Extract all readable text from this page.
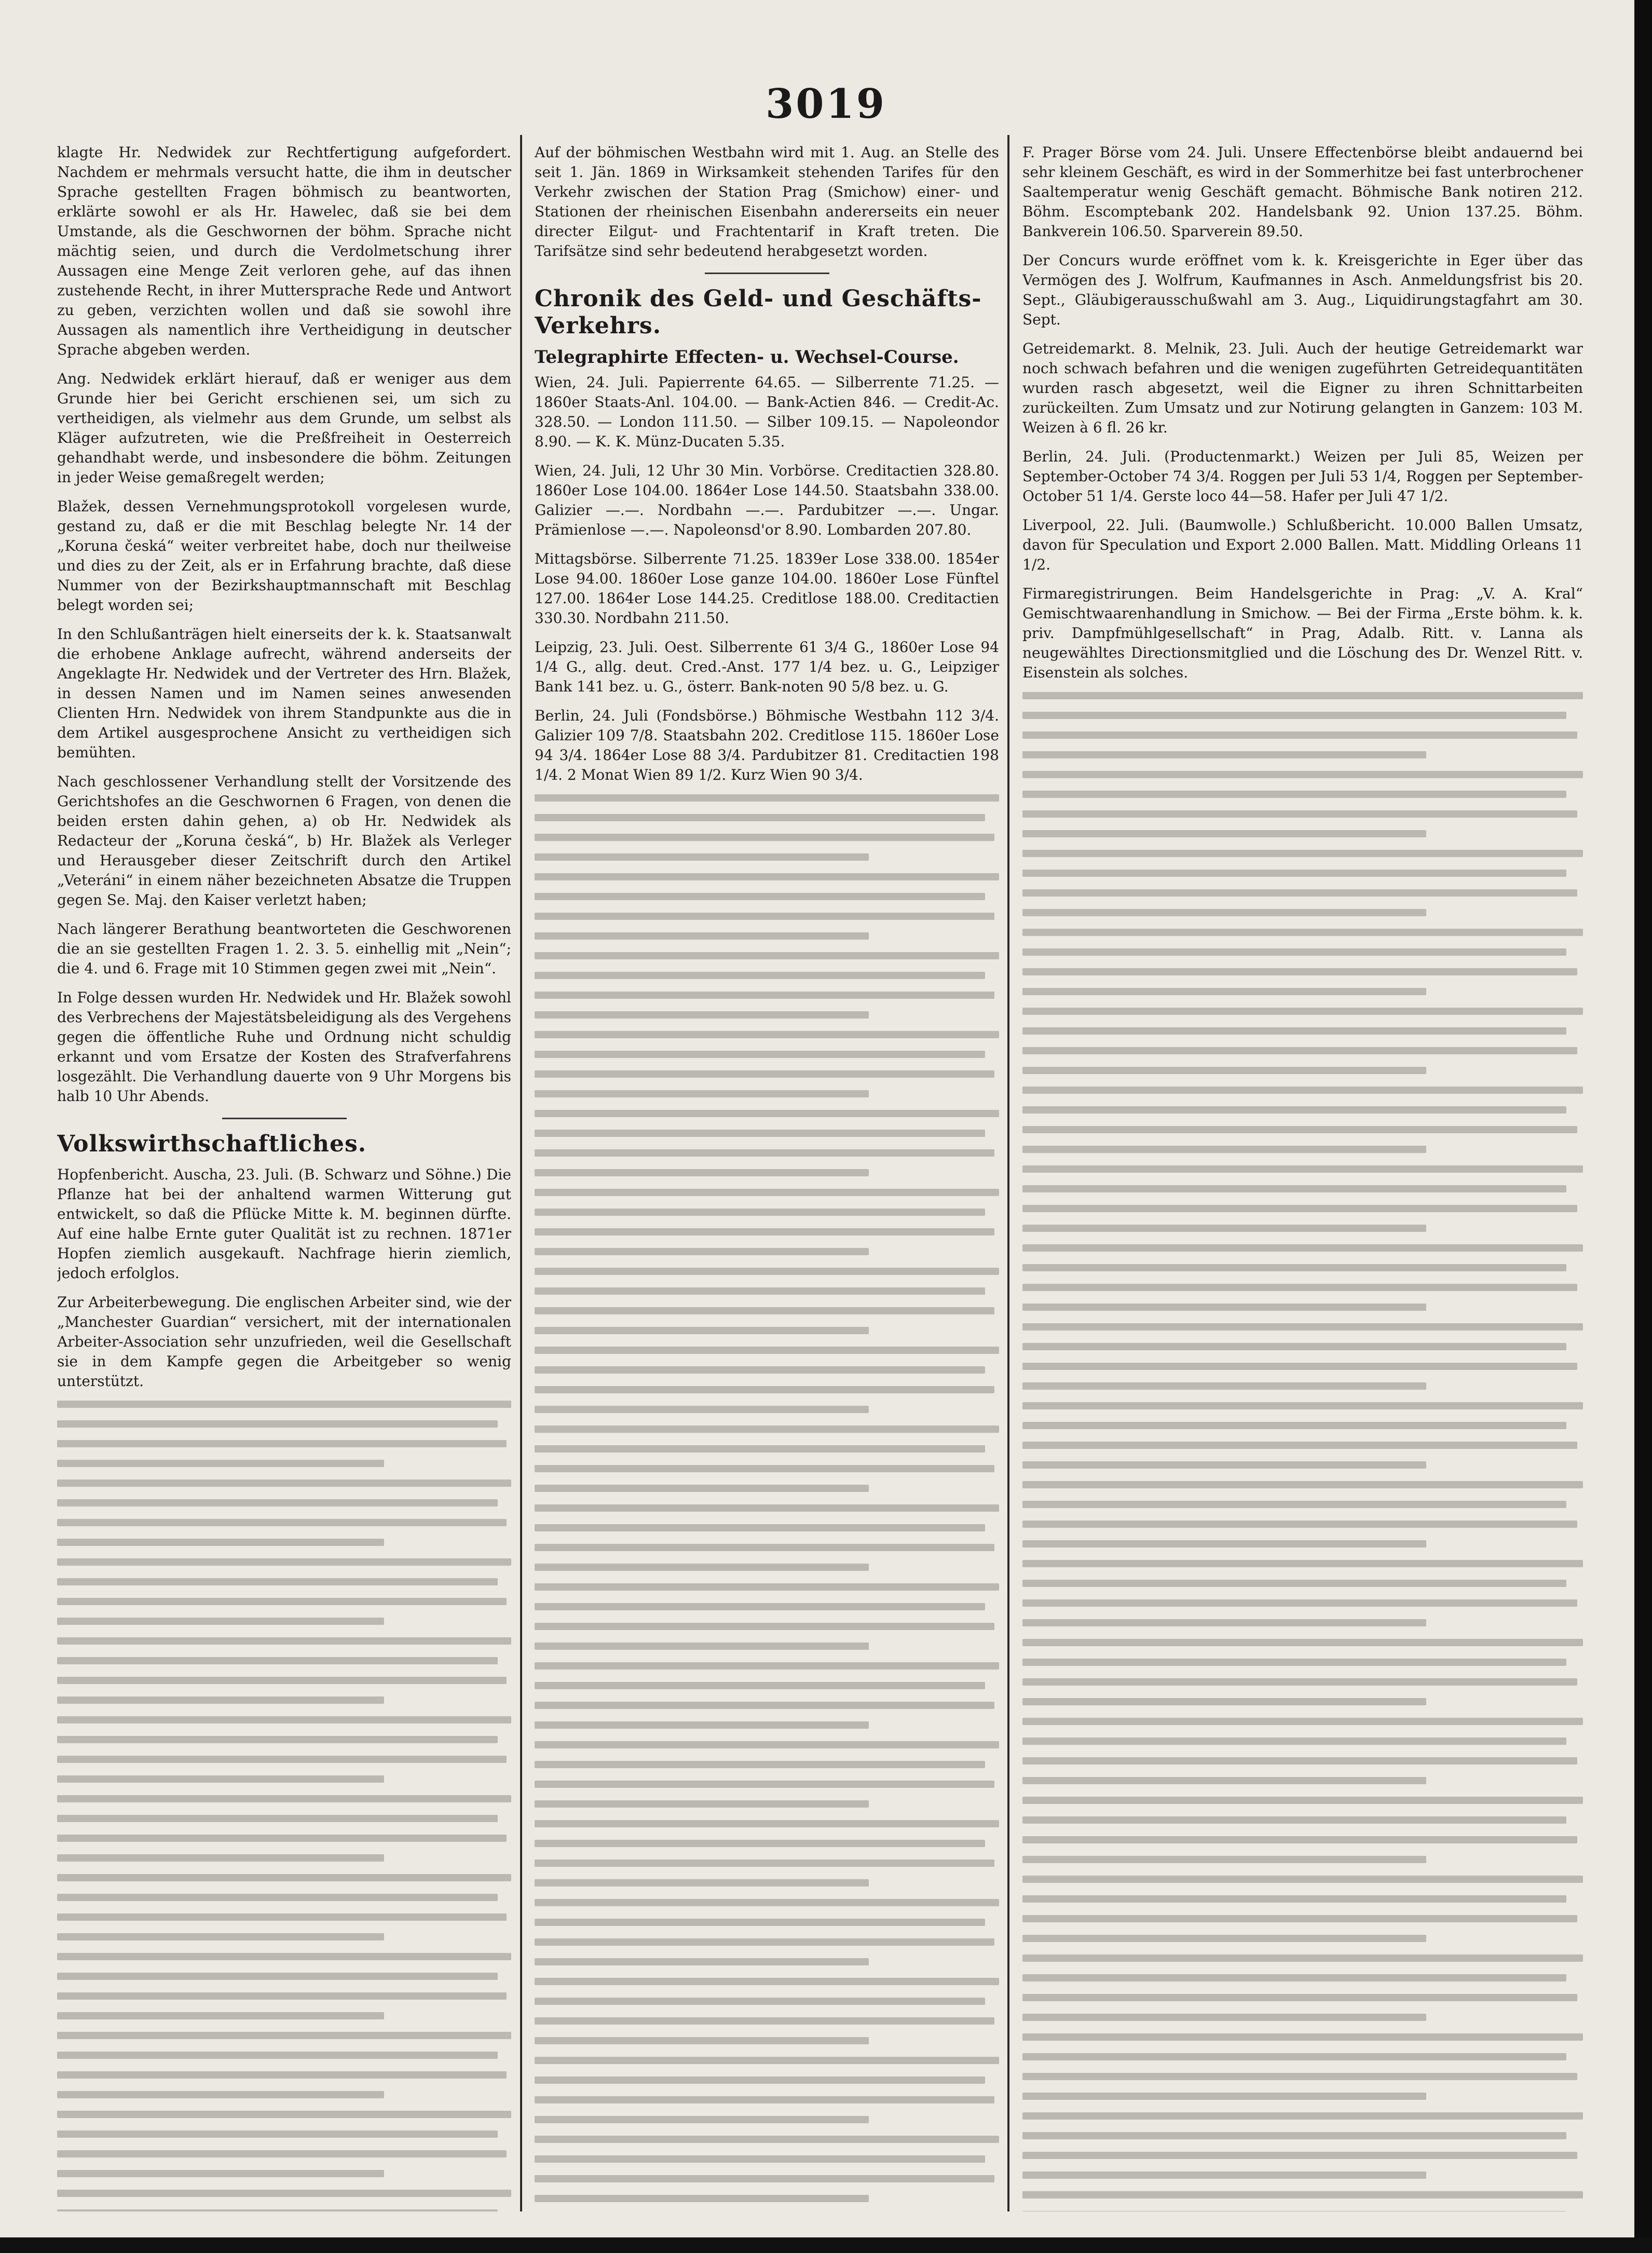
3019

klagte Hr. Nedwidek zur Rechtfertigung aufgefordert. Nachdem er mehrmals versucht hatte, die ihm in deutscher Sprache gestellten Fragen böhmisch zu beantworten, erklärte sowohl er als Hr. Hawelec, daß sie bei dem Umstande, als die Geschwornen der böhm. Sprache nicht mächtig seien, und durch die Verdolmetschung ihrer Aussagen eine Menge Zeit verloren gehe, auf das ihnen zustehende Recht, in ihrer Muttersprache Rede und Antwort zu geben, verzichten wollen und daß sie sowohl ihre Aussagen als namentlich ihre Vertheidigung in deutscher Sprache abgeben werden.

Ang. Nedwidek erklärt hierauf, daß er weniger aus dem Grunde hier bei Gericht erschienen sei, um sich zu vertheidigen, als vielmehr aus dem Grunde, um selbst als Kläger aufzutreten, wie die Preßfreiheit in Oesterreich gehandhabt werde, und insbesondere die böhm. Zeitungen in jeder Weise gemaßregelt werden;

Blažek, dessen Vernehmungsprotokoll vorgelesen wurde, gestand zu, daß er die mit Beschlag belegte Nr. 14 der „Koruna česká“ weiter verbreitet habe, doch nur theilweise und dies zu der Zeit, als er in Erfahrung brachte, daß diese Nummer von der Bezirkshauptmannschaft mit Beschlag belegt worden sei;

In den Schlußanträgen hielt einerseits der k. k. Staatsanwalt die erhobene Anklage aufrecht, während anderseits der Angeklagte Hr. Nedwidek und der Vertreter des Hrn. Blažek, in dessen Namen und im Namen seines anwesenden Clienten Hrn. Nedwidek von ihrem Standpunkte aus die in dem Artikel ausgesprochene Ansicht zu vertheidigen sich bemühten.

Nach geschlossener Verhandlung stellt der Vorsitzende des Gerichtshofes an die Geschwornen 6 Fragen, von denen die beiden ersten dahin gehen, a) ob Hr. Nedwidek als Redacteur der „Koruna česká“, b) Hr. Blažek als Verleger und Herausgeber dieser Zeitschrift durch den Artikel „Veteráni“ in einem näher bezeichneten Absatze die Truppen gegen Se. Maj. den Kaiser verletzt haben;

Nach längerer Berathung beantworteten die Geschworenen die an sie gestellten Fragen 1. 2. 3. 5. einhellig mit „Nein“; die 4. und 6. Frage mit 10 Stimmen gegen zwei mit „Nein“.

In Folge dessen wurden Hr. Nedwidek und Hr. Blažek sowohl des Verbrechens der Majestätsbeleidigung als des Vergehens gegen die öffentliche Ruhe und Ordnung nicht schuldig erkannt und vom Ersatze der Kosten des Strafverfahrens losgezählt. Die Verhandlung dauerte von 9 Uhr Morgens bis halb 10 Uhr Abends.

Volkswirthschaftliches.

Hopfenbericht. Auscha, 23. Juli. (B. Schwarz und Söhne.) Die Pflanze hat bei der anhaltend warmen Witterung gut entwickelt, so daß die Pflücke Mitte k. M. beginnen dürfte. Auf eine halbe Ernte guter Qualität ist zu rechnen. 1871er Hopfen ziemlich ausgekauft. Nachfrage hierin ziemlich, jedoch erfolglos.

Zur Arbeiterbewegung. Die englischen Arbeiter sind, wie der „Manchester Guardian“ versichert, mit der internationalen Arbeiter-Association sehr unzufrieden, weil die Gesellschaft sie in dem Kampfe gegen die Arbeitgeber so wenig unterstützt.

Auf der böhmischen Westbahn wird mit 1. Aug. an Stelle des seit 1. Jän. 1869 in Wirksamkeit stehenden Tarifes für den Verkehr zwischen der Station Prag (Smichow) einer- und Stationen der rheinischen Eisenbahn andererseits ein neuer directer Eilgut- und Frachtentarif in Kraft treten. Die Tarifsätze sind sehr bedeutend herabgesetzt worden.

Chronik des Geld- und Geschäfts-Verkehrs.
Telegraphirte Effecten- u. Wechsel-Course.

Wien, 24. Juli. Papierrente 64.65. — Silberrente 71.25. — 1860er Staats-Anl. 104.00. — Bank-Actien 846. — Credit-Ac. 328.50. — London 111.50. — Silber 109.15. — Napoleondor 8.90. — K. K. Münz-Ducaten 5.35.

Wien, 24. Juli, 12 Uhr 30 Min. Vorbörse. Creditactien 328.80. 1860er Lose 104.00. 1864er Lose 144.50. Staatsbahn 338.00. Galizier —.—. Nordbahn —.—. Pardubitzer —.—. Ungar. Prämienlose —.—. Napoleonsd'or 8.90. Lombarden 207.80.

Mittagsbörse. Silberrente 71.25. 1839er Lose 338.00. 1854er Lose 94.00. 1860er Lose ganze 104.00. 1860er Lose Fünftel 127.00. 1864er Lose 144.25. Creditlose 188.00. Creditactien 330.30. Nordbahn 211.50.

Leipzig, 23. Juli. Oest. Silberrente 61 3/4 G., 1860er Lose 94 1/4 G., allg. deut. Cred.-Anst. 177 1/4 bez. u. G., Leipziger Bank 141 bez. u. G., österr. Bank-noten 90 5/8 bez. u. G.

Berlin, 24. Juli (Fondsbörse.) Böhmische Westbahn 112 3/4. Galizier 109 7/8. Staatsbahn 202. Creditlose 115. 1860er Lose 94 3/4. 1864er Lose 88 3/4. Pardubitzer 81. Creditactien 198 1/4. 2 Monat Wien 89 1/2. Kurz Wien 90 3/4.

F. Prager Börse vom 24. Juli. Unsere Effectenbörse bleibt andauernd bei sehr kleinem Geschäft, es wird in der Sommerhitze bei fast unterbrochener Saaltemperatur wenig Geschäft gemacht. Böhmische Bank notiren 212. Böhm. Escomptebank 202. Handelsbank 92. Union 137.25. Böhm. Bankverein 106.50. Sparverein 89.50.

Der Concurs wurde eröffnet vom k. k. Kreisgerichte in Eger über das Vermögen des J. Wolfrum, Kaufmannes in Asch. Anmeldungsfrist bis 20. Sept., Gläubigerausschußwahl am 3. Aug., Liquidirungstagfahrt am 30. Sept.

Getreidemarkt. 8. Melnik, 23. Juli. Auch der heutige Getreidemarkt war noch schwach befahren und die wenigen zugeführten Getreidequantitäten wurden rasch abgesetzt, weil die Eigner zu ihren Schnittarbeiten zurückeilten. Zum Umsatz und zur Notirung gelangten in Ganzem: 103 M. Weizen à 6 fl. 26 kr.

Berlin, 24. Juli. (Productenmarkt.) Weizen per Juli 85, Weizen per September-October 74 3/4. Roggen per Juli 53 1/4, Roggen per September-October 51 1/4. Gerste loco 44—58. Hafer per Juli 47 1/2.

Liverpool, 22. Juli. (Baumwolle.) Schlußbericht. 10.000 Ballen Umsatz, davon für Speculation und Export 2.000 Ballen. Matt. Middling Orleans 11 1/2.

Firmaregistrirungen. Beim Handelsgerichte in Prag: „V. A. Kral“ Gemischtwaarenhandlung in Smichow. — Bei der Firma „Erste böhm. k. k. priv. Dampfmühlgesellschaft“ in Prag, Adalb. Ritt. v. Lanna als neugewähltes Directionsmitglied und die Löschung des Dr. Wenzel Ritt. v. Eisenstein als solches.
